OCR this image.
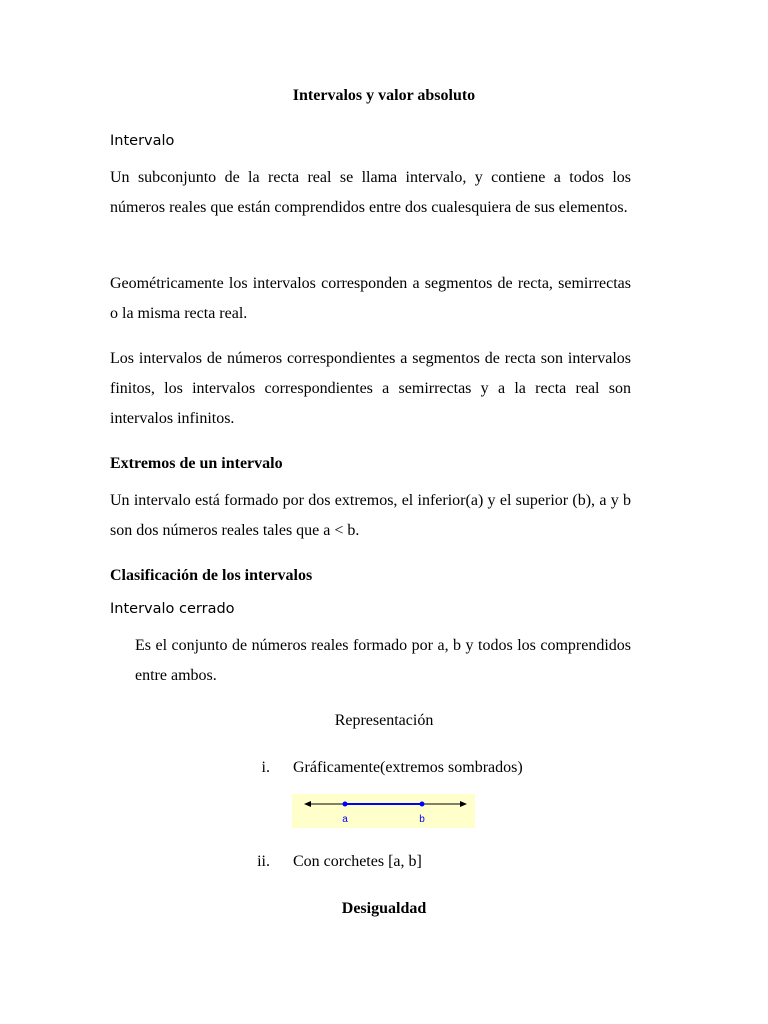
Intervalos y valor absoluto
Intervalo
Un subconjunto de la recta real se llama intervalo, y contiene a todos los números reales que están comprendidos entre dos cualesquiera de sus elementos.
Geométricamente los intervalos corresponden a segmentos de recta, semirrectas o la misma recta real.
Los intervalos de números correspondientes a segmentos de recta son intervalos finitos, los intervalos correspondientes a semirrectas y a la recta real son intervalos infinitos.
Extremos de un intervalo
Un intervalo está formado por dos extremos, el inferior(a) y el superior (b), a y b son dos números reales tales que a < b.
Clasificación de los intervalos
Intervalo cerrado
Es el conjunto de números reales formado por a, b y todos los comprendidos entre ambos.
Representación
i. Gráficamente(extremos sombrados)
a	b
ii. Con corchetes [a, b]
Desigualdad
